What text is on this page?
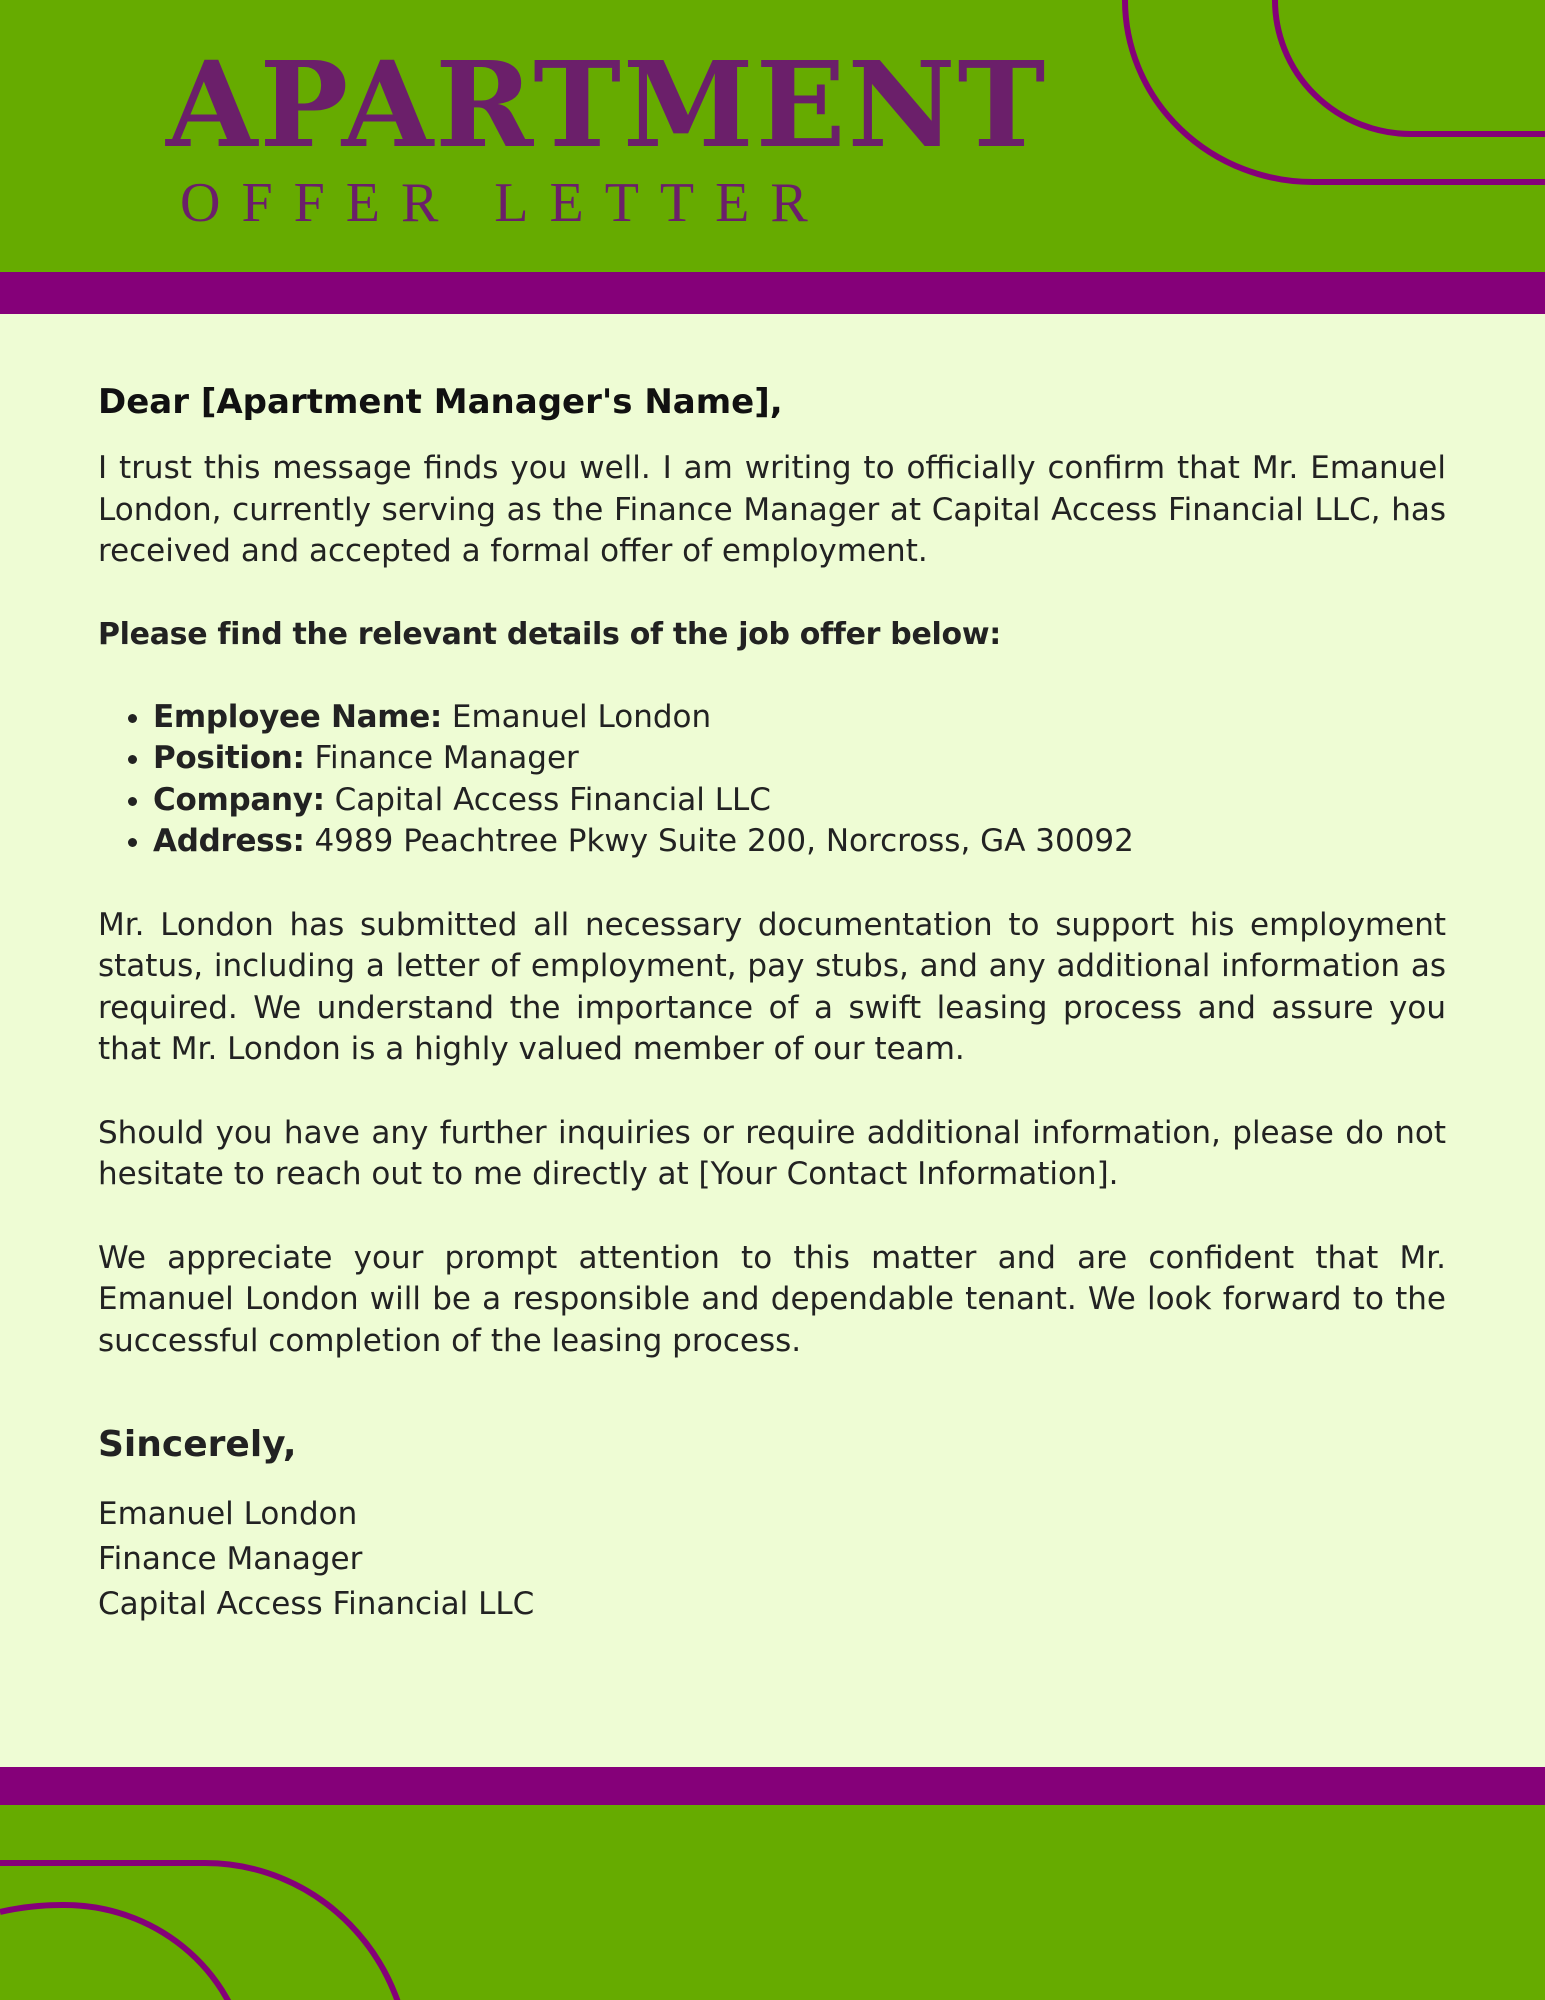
APARTMENT
OFFER LETTER
Dear [Apartment Manager's Name],

I trust this message finds you well. I am writing to officially confirm that Mr. Emanuel London, currently serving as the Finance Manager at Capital Access Financial LLC, has received and accepted a formal offer of employment.

Please find the relevant details of the job offer below:
• Employee Name: Emanuel London
• Position: Finance Manager
• Company: Capital Access Financial LLC
• Address: 4989 Peachtree Pkwy Suite 200, Norcross, GA 30092

Mr. London has submitted all necessary documentation to support his employment status, including a letter of employment, pay stubs, and any additional information as required. We understand the importance of a swift leasing process and assure you that Mr. London is a highly valued member of our team.

Should you have any further inquiries or require additional information, please do not hesitate to reach out to me directly at [Your Contact Information].

We appreciate your prompt attention to this matter and are confident that Mr. Emanuel London will be a responsible and dependable tenant. We look forward to the successful completion of the leasing process.

Sincerely,
Emanuel London
Finance Manager
Capital Access Financial LLC
